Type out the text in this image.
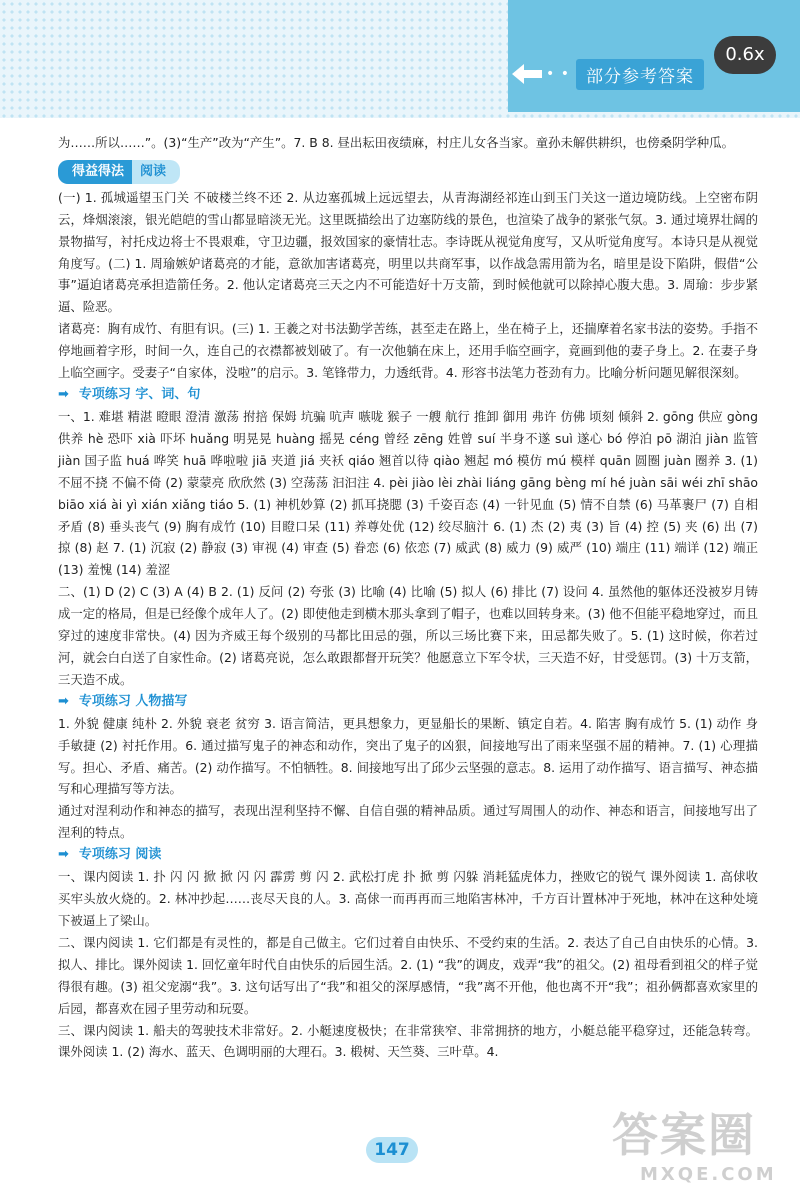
0.6x
• • 部分参考答案

为……所以……”。(3)“生产”改为“产生”。7. B 8. 昼出耘田夜绩麻，村庄儿女各当家。童孙未解供耕织，也傍桑阴学种瓜。

得益得法	阅读

(一) 1. 孤城遥望玉门关 不破楼兰终不还 2. 从边塞孤城上远远望去，从青海湖经祁连山到玉门关这一道边境防线。上空密布阴云，烽烟滚滚，银光皑皑的雪山都显暗淡无光。这里既描绘出了边塞防线的景色，也渲染了战争的紧张气氛。3. 通过境界壮阔的景物描写，衬托戍边将士不畏艰难，守卫边疆，报效国家的豪情壮志。李诗既从视觉角度写，又从听觉角度写。本诗只是从视觉角度写。(二) 1. 周瑜嫉妒诸葛亮的才能，意欲加害诸葛亮，明里以共商军事，以作战急需用箭为名，暗里是设下陷阱，假借“公事”逼迫诸葛亮承担造箭任务。2. 他认定诸葛亮三天之内不可能造好十万支箭，到时候他就可以除掉心腹大患。3. 周瑜：步步紧逼、险恶。

诸葛亮：胸有成竹、有胆有识。(三) 1. 王羲之对书法勤学苦练，甚至走在路上，坐在椅子上，还揣摩着名家书法的姿势。手指不停地画着字形，时间一久，连自己的衣襟都被划破了。有一次他躺在床上，还用手临空画字，竟画到他的妻子身上。2. 在妻子身上临空画字。受妻子“自家体，没啦”的启示。3. 笔锋带力，力透纸背。4. 形容书法笔力苍劲有力。比喻分析问题见解很深刻。

➡ 专项练习 字、词、句

一、1. 难堪 精湛 瞪眼 澄清 激荡 拊掊 保姆 坑骗 吭声 嗾咙 猴子 一艘 航行 推卸 御用 弗许 仿佛 顷刻 倾斜 2. gōng 供应 gòng 供养 hè 恐吓 xià 吓坏 huǎng 明晃晃 huàng 摇晃 céng 曾经 zēng 姓曾 suí 半身不遂 suì 遂心 bó 停泊 pō 湖泊 jiàn 监管 jiàn 国子监 huá 哗笑 huā 哗啦啦 jiā 夹道 jiá 夹袄 qiáo 翘首以待 qiào 翘起 mó 模仿 mú 模样 quān 圆圈 juàn 圈养 3. (1) 不屈不挠 不偏不倚 (2) 蒙蒙亮 欣欣然 (3) 空荡荡 汩汩注 4. pèi jiào lèi zhài liáng gāng bèng mí hé juàn sāi wéi zhī shāo biāo xiá ài yì xián xiǎng tiáo 5. (1) 神机妙算 (2) 抓耳挠腮 (3) 千姿百态 (4) 一针见血 (5) 情不自禁 (6) 马革裹尸 (7) 自相矛盾 (8) 垂头丧气 (9) 胸有成竹 (10) 目瞪口呆 (11) 养尊处优 (12) 绞尽脑汁 6. (1) 杰 (2) 夷 (3) 旨 (4) 控 (5) 夹 (6) 出 (7) 掠 (8) 赵 7. (1) 沉寂 (2) 静寂 (3) 审视 (4) 审查 (5) 眷恋 (6) 依恋 (7) 威武 (8) 威力 (9) 威严 (10) 端庄 (11) 端详 (12) 端正 (13) 羞愧 (14) 羞涩

二、(1) D (2) C (3) A (4) B 2. (1) 反问 (2) 夸张 (3) 比喻 (4) 比喻 (5) 拟人 (6) 排比 (7) 设问 4. 虽然他的躯体还没被岁月铸成一定的格局，但是已经像个成年人了。(2) 即使他走到横木那头拿到了帽子，也难以回转身来。(3) 他不但能平稳地穿过，而且穿过的速度非常快。(4) 因为齐威王每个级别的马都比田忌的强，所以三场比赛下来，田忌都失败了。5. (1) 这时候，你若过河，就会白白送了自家性命。(2) 诸葛亮说，怎么敢跟都督开玩笑？他愿意立下军令状，三天造不好，甘受惩罚。(3) 十万支箭，三天造不成。

➡ 专项练习 人物描写

1. 外貌 健康 纯朴 2. 外貌 衰老 贫穷 3. 语言简洁，更具想象力，更显船长的果断、镇定自若。4. 陷害 胸有成竹 5. (1) 动作 身手敏捷 (2) 衬托作用。6. 通过描写鬼子的神态和动作，突出了鬼子的凶狠，间接地写出了雨来坚强不屈的精神。7. (1) 心理描写。担心、矛盾、痛苦。(2) 动作描写。不怕牺牲。8. 间接地写出了邱少云坚强的意志。8. 运用了动作描写、语言描写、神态描写和心理描写等方法。

通过对涅利动作和神态的描写，表现出涅利坚持不懈、自信自强的精神品质。通过写周围人的动作、神态和语言，间接地写出了涅利的特点。

➡ 专项练习 阅读

一、课内阅读 1. 扑 闪 闪 掀 掀 闪 闪 霹雳 剪 闪 2. 武松打虎 扑 掀 剪 闪躲 消耗猛虎体力，挫败它的锐气 课外阅读 1. 高俅收买牢头放火烧的。2. 林冲抄起……丧尽天良的人。3. 高俅一而再再而三地陷害林冲，千方百计置林冲于死地，林冲在这种处境下被逼上了梁山。

二、课内阅读 1. 它们都是有灵性的，都是自己做主。它们过着自由快乐、不受约束的生活。2. 表达了自己自由快乐的心情。3. 拟人、排比。课外阅读 1. 回忆童年时代自由快乐的后园生活。2. (1) “我”的调皮，戏弄“我”的祖父。(2) 祖母看到祖父的样子觉得很有趣。(3) 祖父宠溺“我”。3. 这句话写出了“我”和祖父的深厚感情，“我”离不开他，他也离不开“我”；祖孙俩都喜欢家里的后园，都喜欢在园子里劳动和玩耍。

三、课内阅读 1. 船夫的驾驶技术非常好。2. 小艇速度极快；在非常狭窄、非常拥挤的地方，小艇总能平稳穿过，还能急转弯。课外阅读 1. (2) 海水、蓝天、色调明丽的大理石。3. 椴树、天竺葵、三叶草。4.

147	答案圈
MXQE.COM
